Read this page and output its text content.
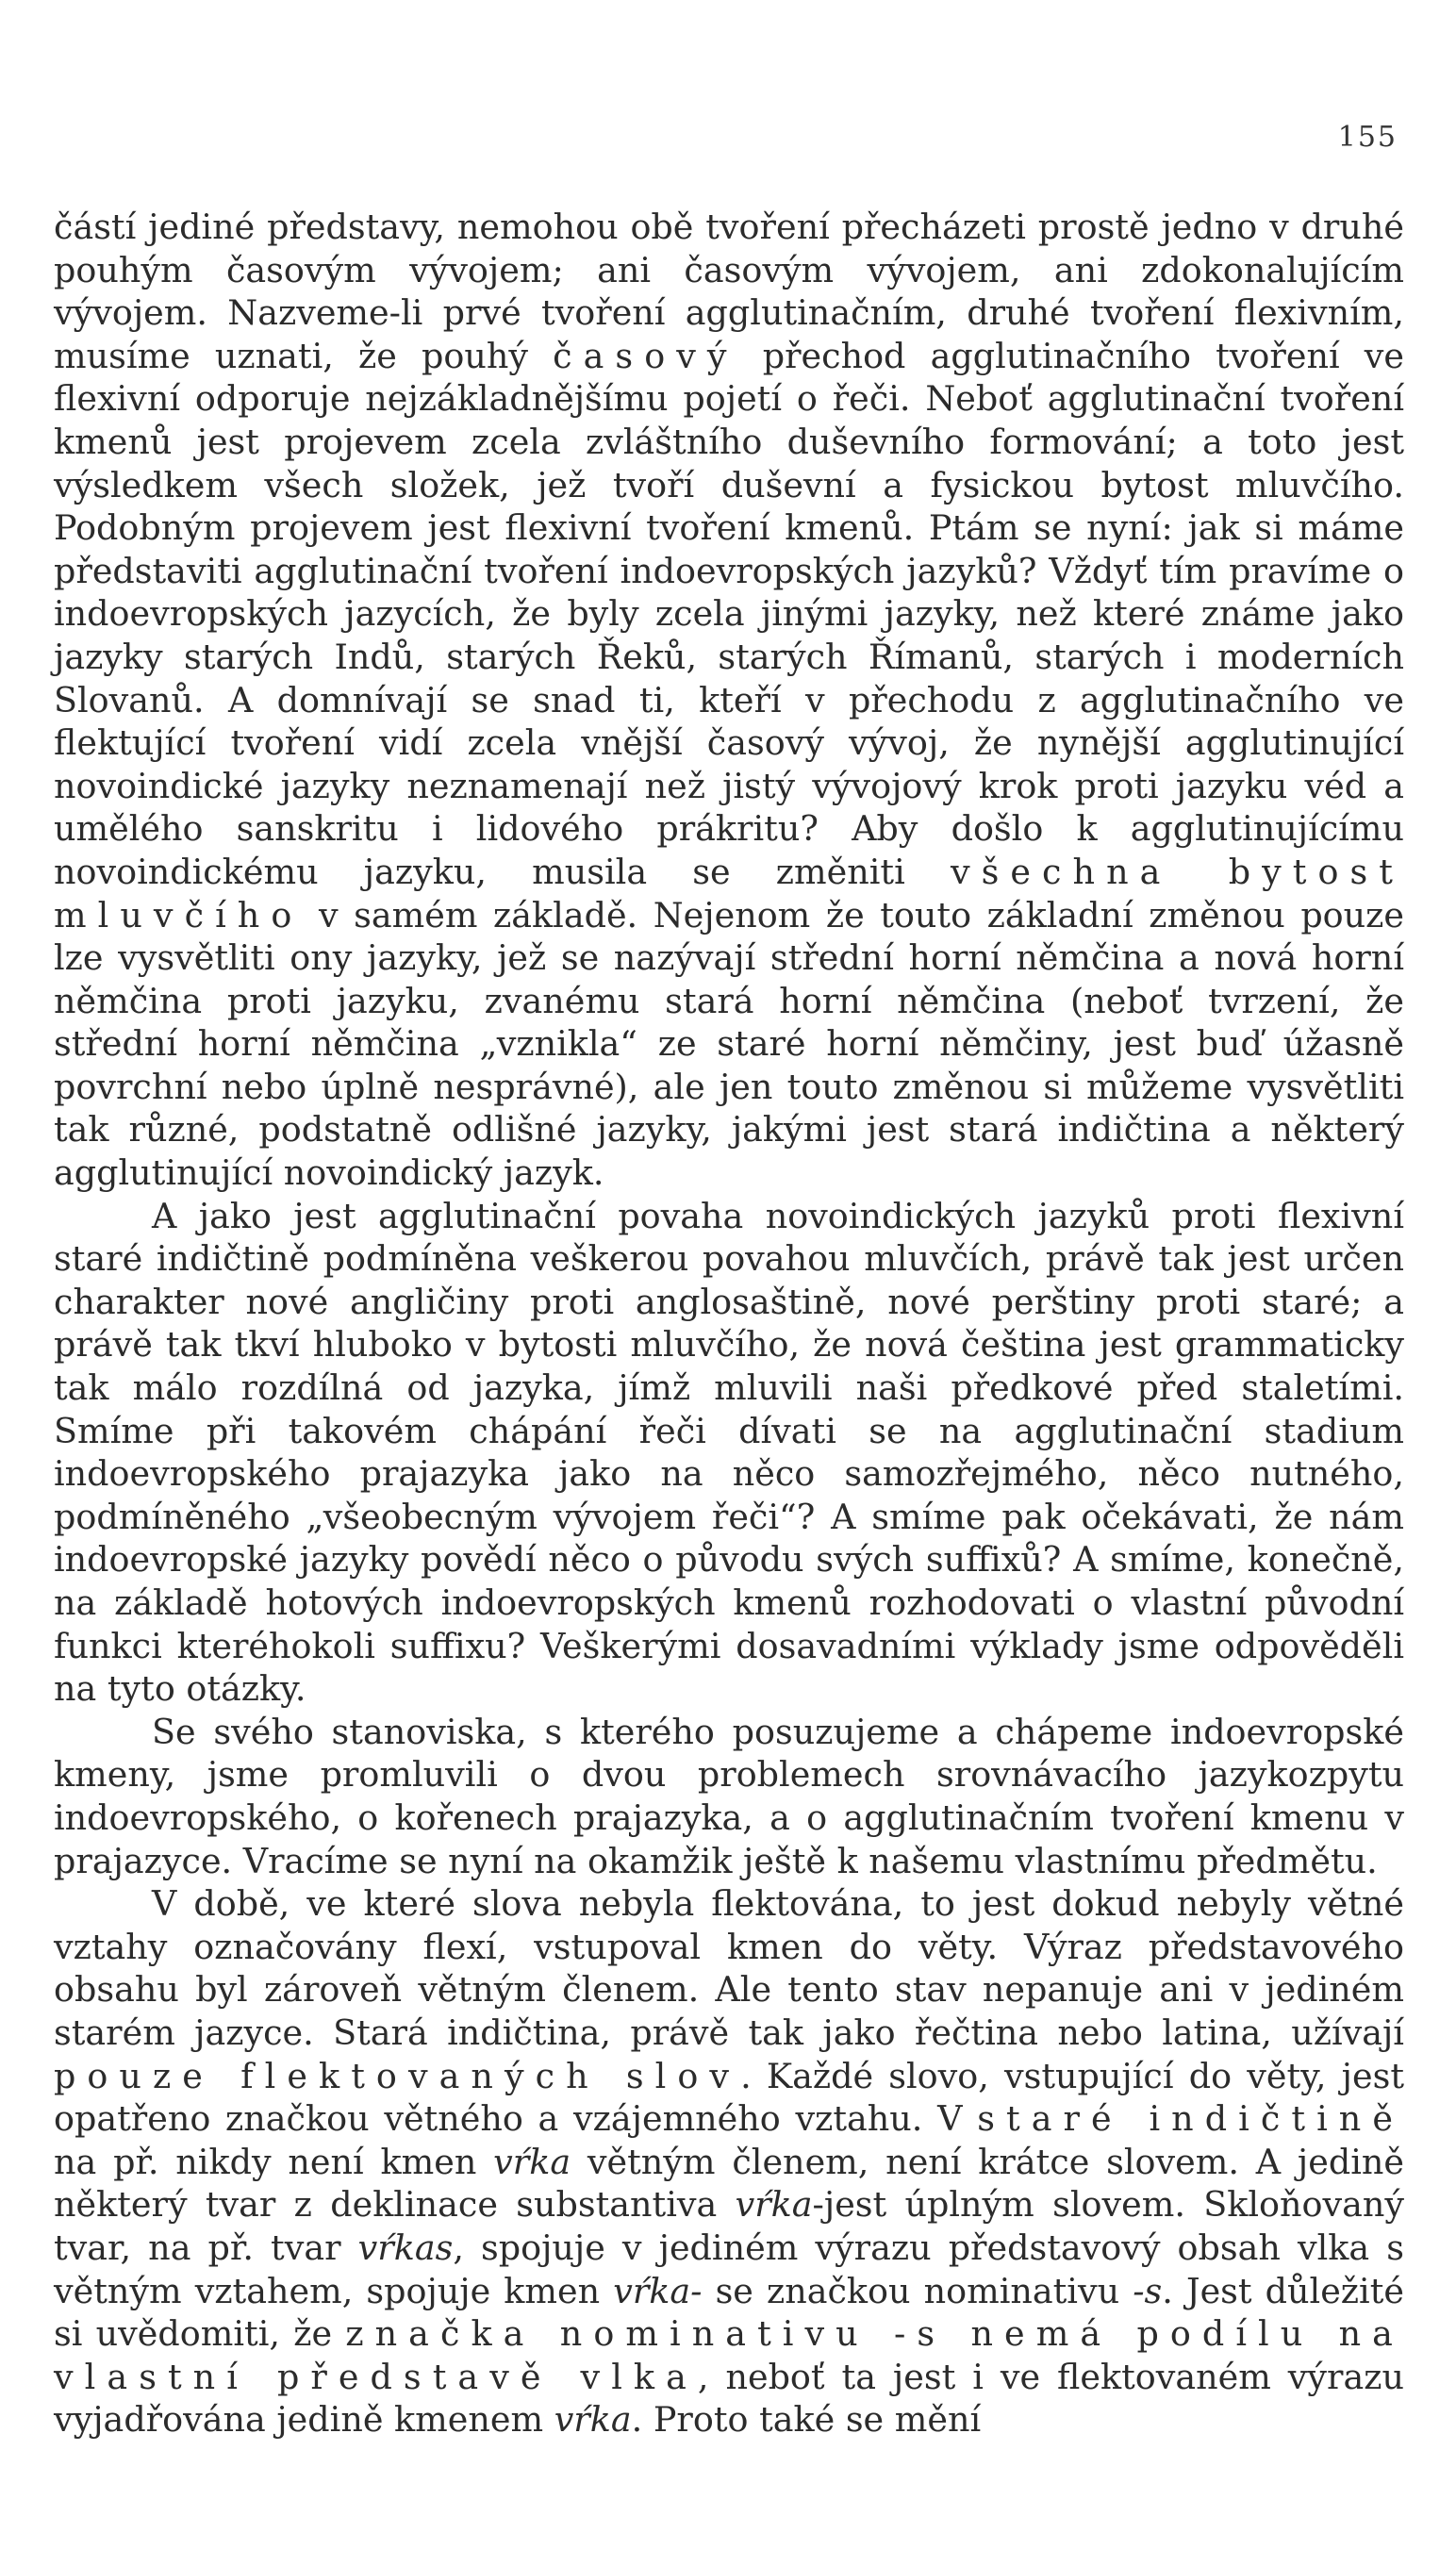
155

částí jediné představy, nemohou obě tvoření přecházeti prostě jedno v druhé pouhým časovým vývojem; ani časovým vývojem, ani zdokonalujícím vývojem. Nazveme-li prvé tvoření agglutinačním, druhé tvoření flexivním, musíme uznati, že pouhý časový přechod agglutinačního tvoření ve flexivní odporuje nejzákladnějšímu pojetí o řeči. Neboť agglutinační tvoření kmenů jest projevem zcela zvláštního duševního formování; a toto jest výsledkem všech složek, jež tvoří duševní a fysickou bytost mluvčího. Podobným projevem jest flexivní tvoření kmenů. Ptám se nyní: jak si máme představiti agglutinační tvoření indoevropských jazyků? Vždyť tím pravíme o indoevropských jazycích, že byly zcela jinými jazyky, než které známe jako jazyky starých Indů, starých Řeků, starých Římanů, starých i moderních Slovanů. A domnívají se snad ti, kteří v přechodu z agglutinačního ve flektující tvoření vidí zcela vnější časový vývoj, že nynější agglutinující novoindické jazyky neznamenají než jistý vývojový krok proti jazyku véd a umělého sanskritu i lidového prákritu? Aby došlo k agglutinujícímu novoindickému jazyku, musila se změniti všechna bytost mluvčího v samém základě. Nejenom že touto základní změnou pouze lze vysvětliti ony jazyky, jež se nazývají střední horní němčina a nová horní němčina proti jazyku, zvanému stará horní němčina (neboť tvrzení, že střední horní němčina „vznikla“ ze staré horní němčiny, jest buď úžasně povrchní nebo úplně nesprávné), ale jen touto změnou si můžeme vysvětliti tak různé, podstatně odlišné jazyky, jakými jest stará indičtina a některý agglutinující novoindický jazyk.

A jako jest agglutinační povaha novoindických jazyků proti flexivní staré indičtině podmíněna veškerou povahou mluvčích, právě tak jest určen charakter nové angličiny proti anglosaštině, nové perštiny proti staré; a právě tak tkví hluboko v bytosti mluvčího, že nová čeština jest grammaticky tak málo rozdílná od jazyka, jímž mluvili naši předkové před staletími. Smíme při takovém chápání řeči dívati se na agglutinační stadium indoevropského prajazyka jako na něco samozřejmého, něco nutného, podmíněného „všeobecným vývojem řeči“? A smíme pak očekávati, že nám indoevropské jazyky povědí něco o původu svých suffixů? A smíme, konečně, na základě hotových indoevropských kmenů rozhodovati o vlastní původní funkci kteréhokoli suffixu? Veškerými dosavadními výklady jsme odpověděli na tyto otázky.

Se svého stanoviska, s kterého posuzujeme a chápeme indoevropské kmeny, jsme promluvili o dvou problemech srovnávacího jazykozpytu indoevropského, o kořenech prajazyka, a o agglutinačním tvoření kmenu v prajazyce. Vracíme se nyní na okamžik ještě k našemu vlastnímu předmětu.

V době, ve které slova nebyla flektována, to jest dokud nebyly větné vztahy označovány flexí, vstupoval kmen do věty. Výraz představového obsahu byl zároveň větným členem. Ale tento stav nepanuje ani v jediném starém jazyce. Stará indičtina, právě tak jako řečtina nebo latina, užívají pouze flektovaných slov. Každé slovo, vstupující do věty, jest opatřeno značkou větného a vzájemného vztahu. V staré indičtině na př. nikdy není kmen vŕka větným členem, není krátce slovem. A jedině některý tvar z deklinace substantiva vŕka-jest úplným slovem. Skloňovaný tvar, na př. tvar vŕkas, spojuje v jediném výrazu představový obsah vlka s větným vztahem, spojuje kmen vŕka- se značkou nominativu -s. Jest důležité si uvědomiti, že značka nominativu -s nemá podílu na vlastní představě vlka, neboť ta jest i ve flektovaném výrazu vyjadřována jedině kmenem vŕka. Proto také se mění
